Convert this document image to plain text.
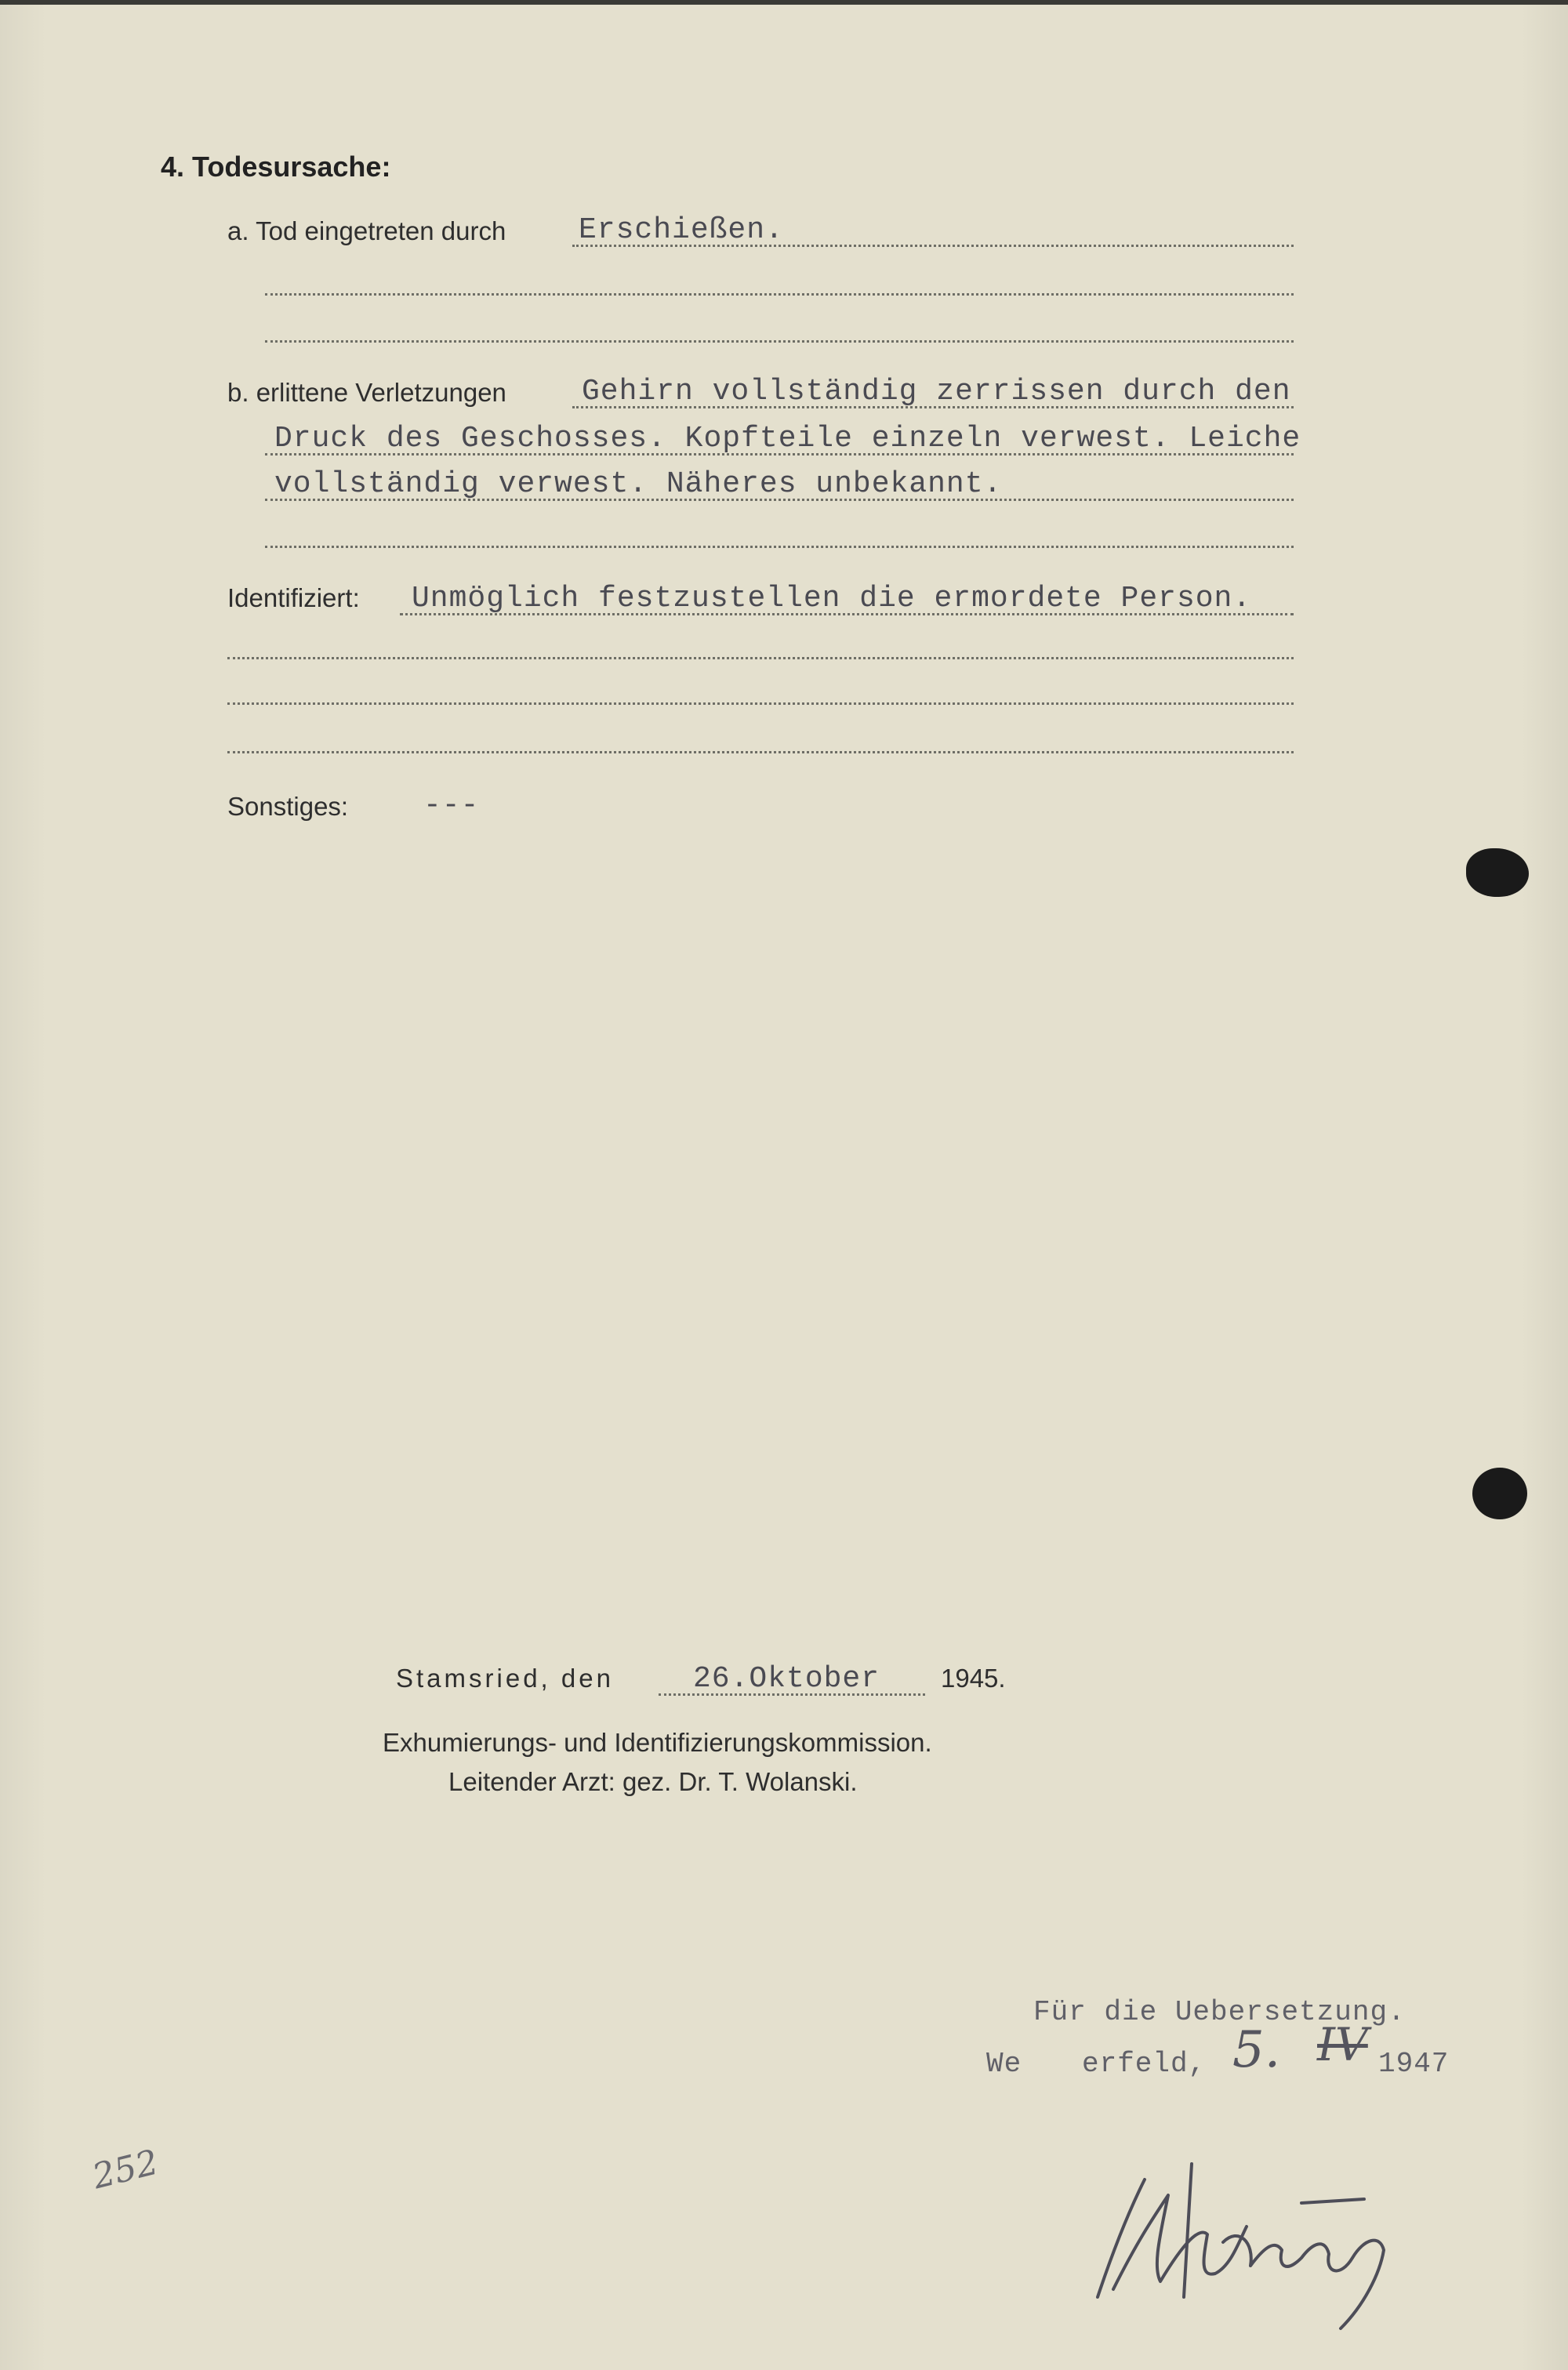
4. Todesursache:
a. Tod eingetreten durch Erschießen.
b. erlittene Verletzungen	Gehirn vollständig zerrissen durch den
Druck des Geschosses. Kopfteile einzeln verwest. Leiche
vollständig verwest. Näheres unbekannt.
Identifiziert: Unmöglich festzustellen die ermordete Person.
Sonstiges:	---
Stamsried, den	26.Oktober 1945.
Exhumierungs- und Identifizierungskommission.
Leitender Arzt: gez. Dr. T. Wolanski.
Für die Uebersetzung.
We erfeld, 5. IV 1947
252
